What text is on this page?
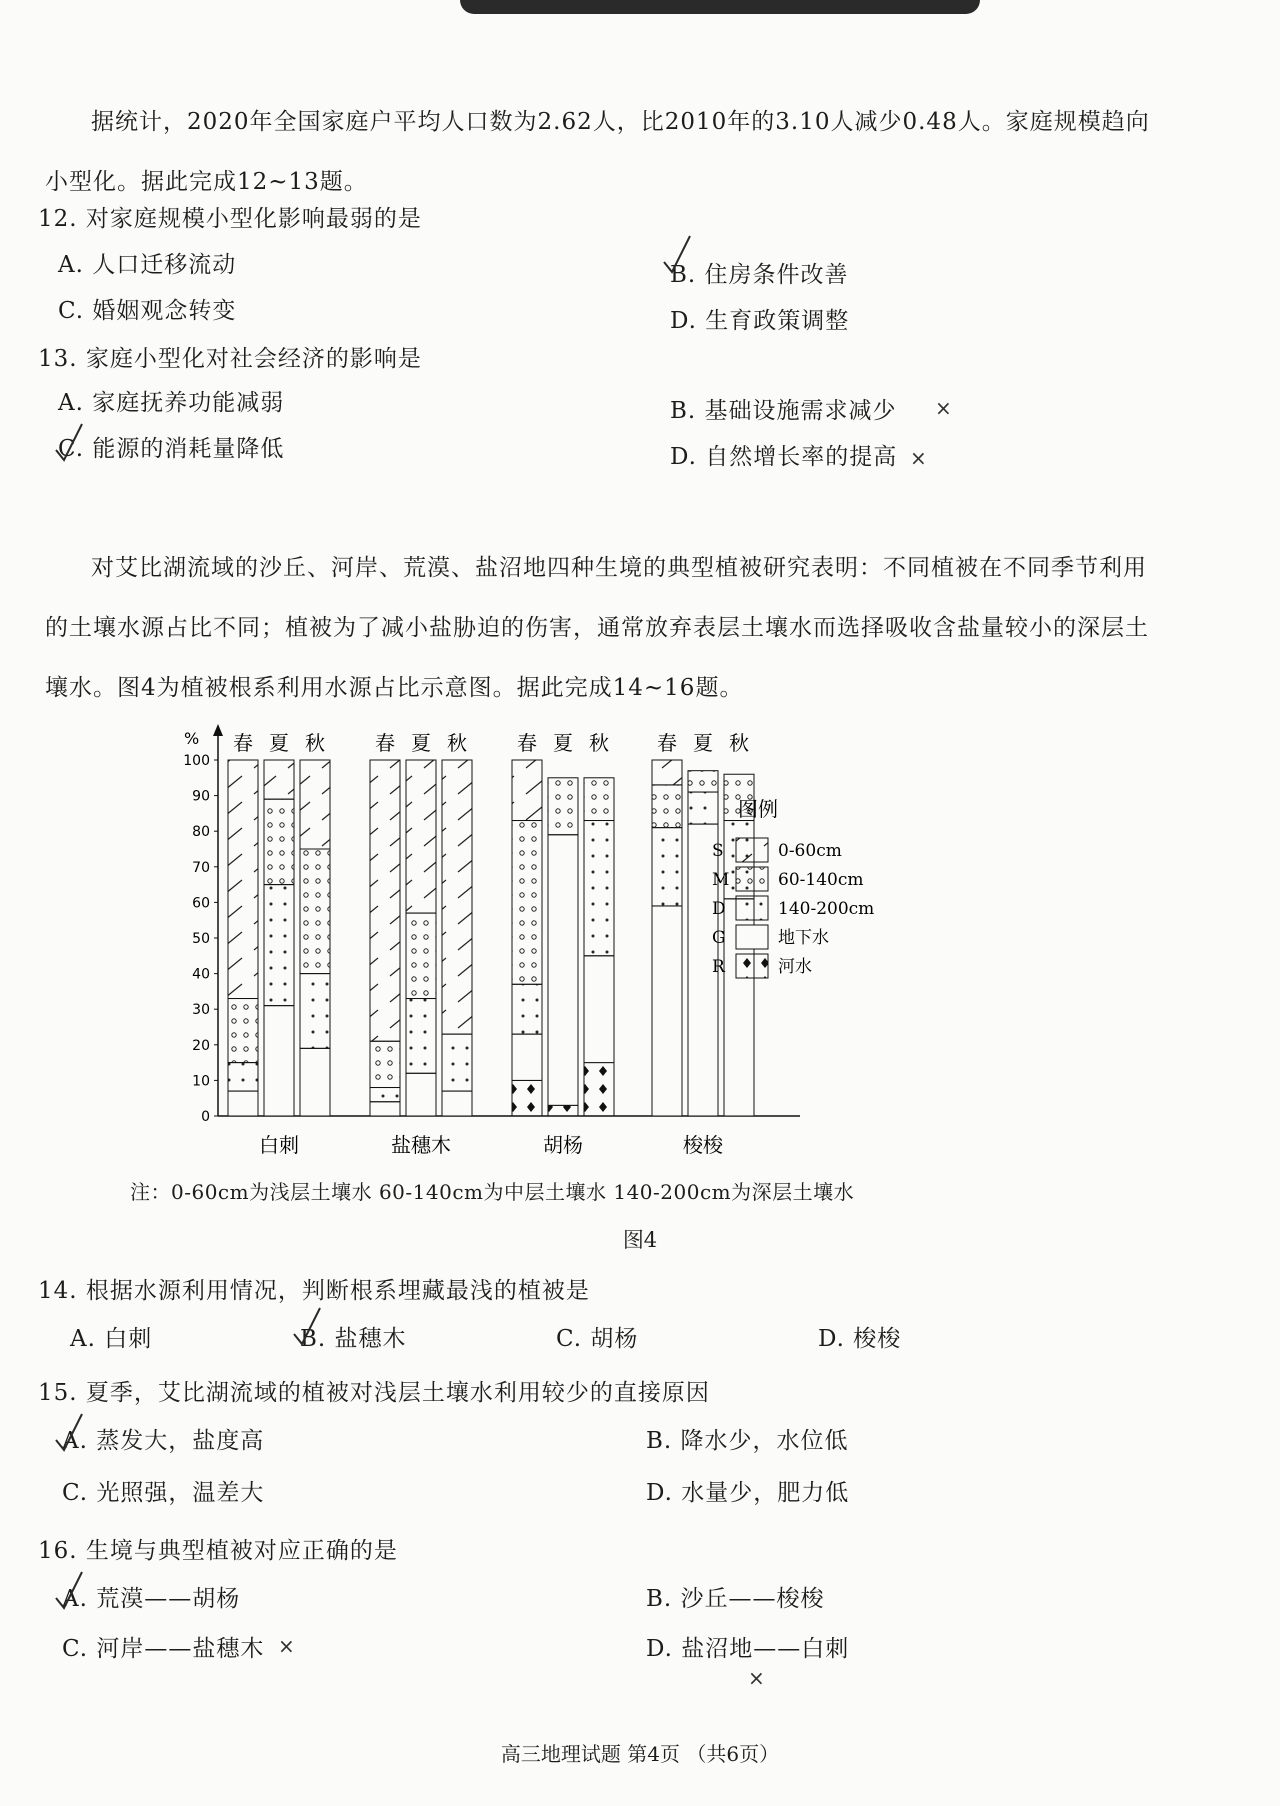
据统计，2020年全国家庭户平均人口数为2.62人，比2010年的3.10人减少0.48人。家庭规模趋向小型化。据此完成12~13题。

12. 对家庭规模小型化影响最弱的是
A. 人口迁移流动	B. 住房条件改善
C. 婚姻观念转变	D. 生育政策调整
13. 家庭小型化对社会经济的影响是
A. 家庭抚养功能减弱	B. 基础设施需求减少
C. 能源的消耗量降低	D. 自然增长率的提高
×
×

对艾比湖流域的沙丘、河岸、荒漠、盐沼地四种生境的典型植被研究表明：不同植被在不同季节利用的土壤水源占比不同；植被为了减小盐胁迫的伤害，通常放弃表层土壤水而选择吸收含盐量较小的深层土壤水。图4为植被根系利用水源占比示意图。据此完成14~16题。

%
0
10
20
30
40
50
60
70
80
90
100
图例
S	0-60cm
M	60-140cm
D	140-200cm
G	地下水
R	河水
春 夏 秋
白刺
春 夏 秋
盐穗木
春 夏 秋
胡杨
春 夏 秋
梭梭
注：0-60cm为浅层土壤水 60-140cm为中层土壤水 140-200cm为深层土壤水
图4
14. 根据水源利用情况，判断根系埋藏最浅的植被是
A. 白刺	B. 盐穗木	C. 胡杨	D. 梭梭
15. 夏季，艾比湖流域的植被对浅层土壤水利用较少的直接原因
A. 蒸发大，盐度高	B. 降水少，水位低
C. 光照强，温差大	D. 水量少，肥力低
16. 生境与典型植被对应正确的是
A. 荒漠——胡杨	B. 沙丘——梭梭
C. 河岸——盐穗木	D. 盐沼地——白刺
×
×
高三地理试题 第4页 （共6页）
